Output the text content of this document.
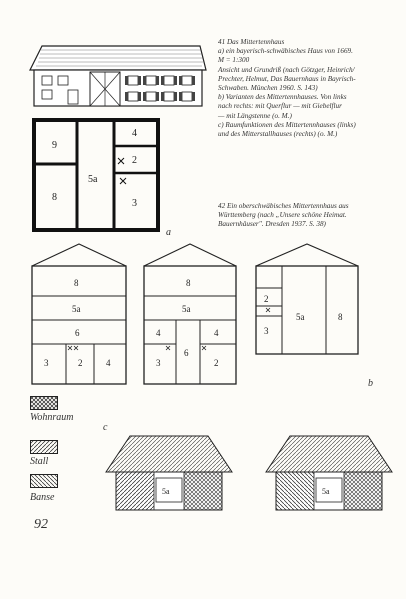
9
8
5a
4
2
3
a

41 Das Mittertennhaus

a) ein bayerisch-schwäbisches Haus von 1669.

M = 1:300

Ansicht und Grundriß (nach Götzger, Heinrich/

Prechter, Helmut, Das Bauernhaus in Bayrisch-

Schwaben. München 1960. S. 143)

b) Varianten des Mittertennhauses. Von links

nach rechts: mit Querflur — mit Giebelflur

— mit Längstenne (o. M.)

c) Raumfunktionen des Mittertennhauses (links)

und des Mitterstallhauses (rechts) (o. M.)

42 Ein oberschwäbisches Mittertennhaus aus

Württemberg (nach „Unsere schöne Heimat.

Bauernhäuser". Dresden 1937. S. 38)

8
5a
6
3	2	4
8
5a
4	4
6
3	2
2
3
5a	8
b
Wohnraum
Stall
Banse
c
5a	5a
92
